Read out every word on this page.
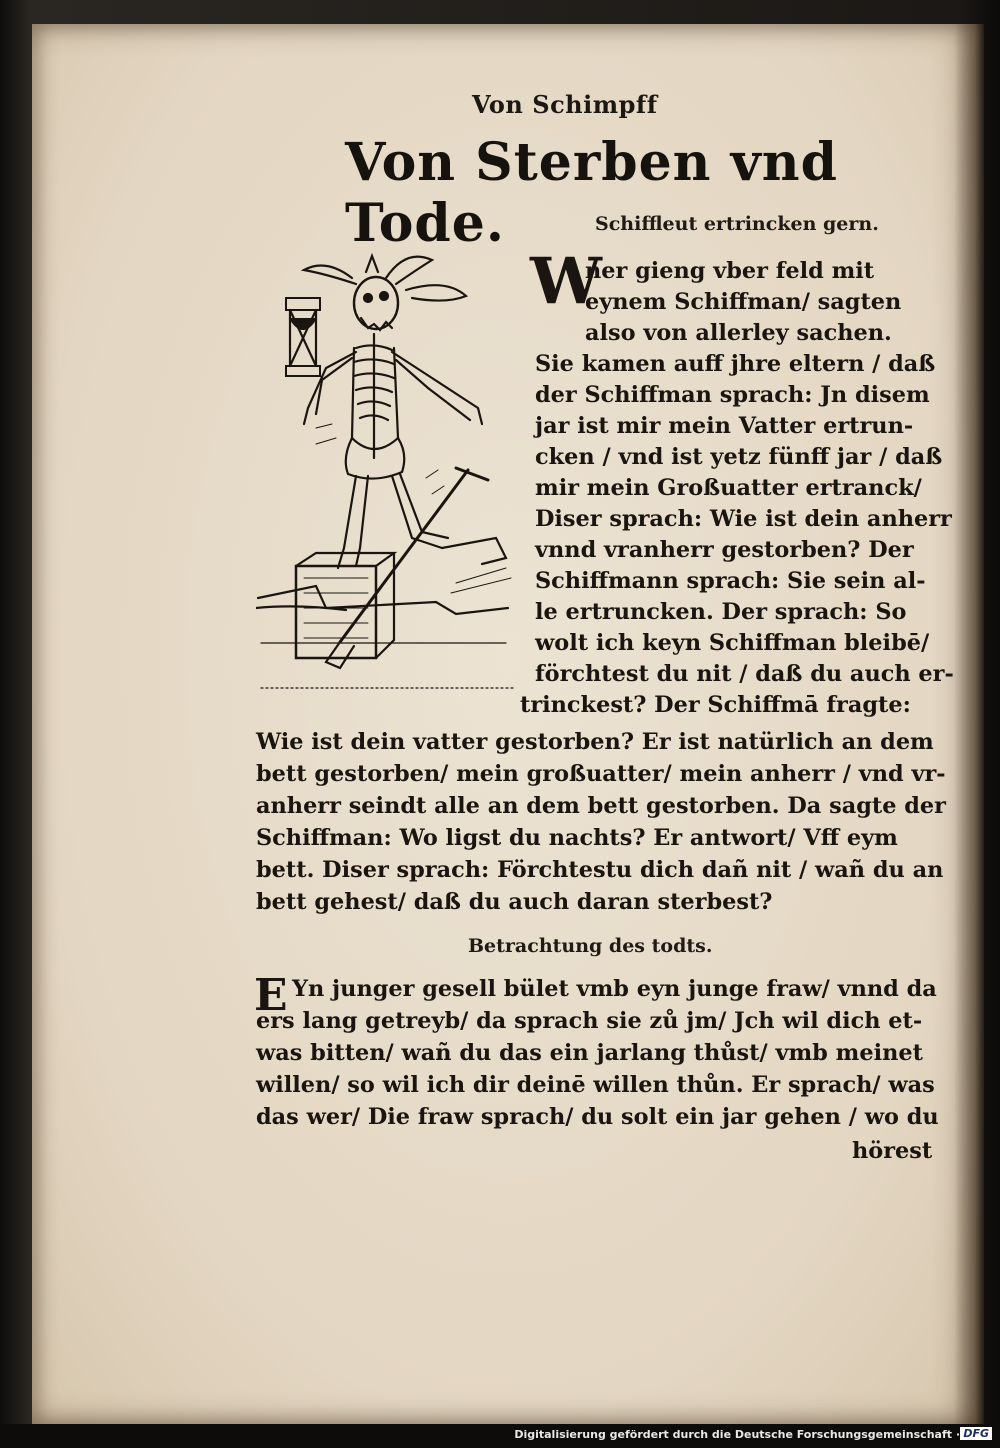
Von Schimpff
Von Sterben vnd Tode.	Schiffleut ertrincken gern.
W
ner gieng vber feld mit
eynem Schiffman/ sagten
also von allerley sachen.
Sie kamen auff jhre eltern / daß
der Schiffman sprach: Jn disem
jar ist mir mein Vatter ertrun-
cken / vnd ist yetz fünff jar / daß
mir mein Großuatter ertranck/
Diser sprach: Wie ist dein anherr
vnnd vranherr gestorben? Der
Schiffmann sprach: Sie sein al-
le ertruncken. Der sprach: So
wolt ich keyn Schiffman bleibē/
förchtest du nit / daß du auch er-
trinckest? Der Schiffmā fragte:
Wie ist dein vatter gestorben? Er ist natürlich an dem
bett gestorben/ mein großuatter/ mein anherr / vnd vr-
anherr seindt alle an dem bett gestorben. Da sagte der
Schiffman: Wo ligst du nachts? Er antwort/ Vff eym
bett. Diser sprach: Förchtestu dich dañ nit / wañ du an
bett gehest/ daß du auch daran sterbest?
Betrachtung des todts.
E Yn junger gesell bület vmb eyn junge fraw/ vnnd da
ers lang getreyb/ da sprach sie zů jm/ Jch wil dich et-
was bitten/ wañ du das ein jarlang thůst/ vmb meinet
willen/ so wil ich dir deinē willen thůn. Er sprach/ was
das wer/ Die fraw sprach/ du solt ein jar gehen / wo du
hörest
Digitalisierung gefördert durch die Deutsche Forschungsgemeinschaft · DFG
